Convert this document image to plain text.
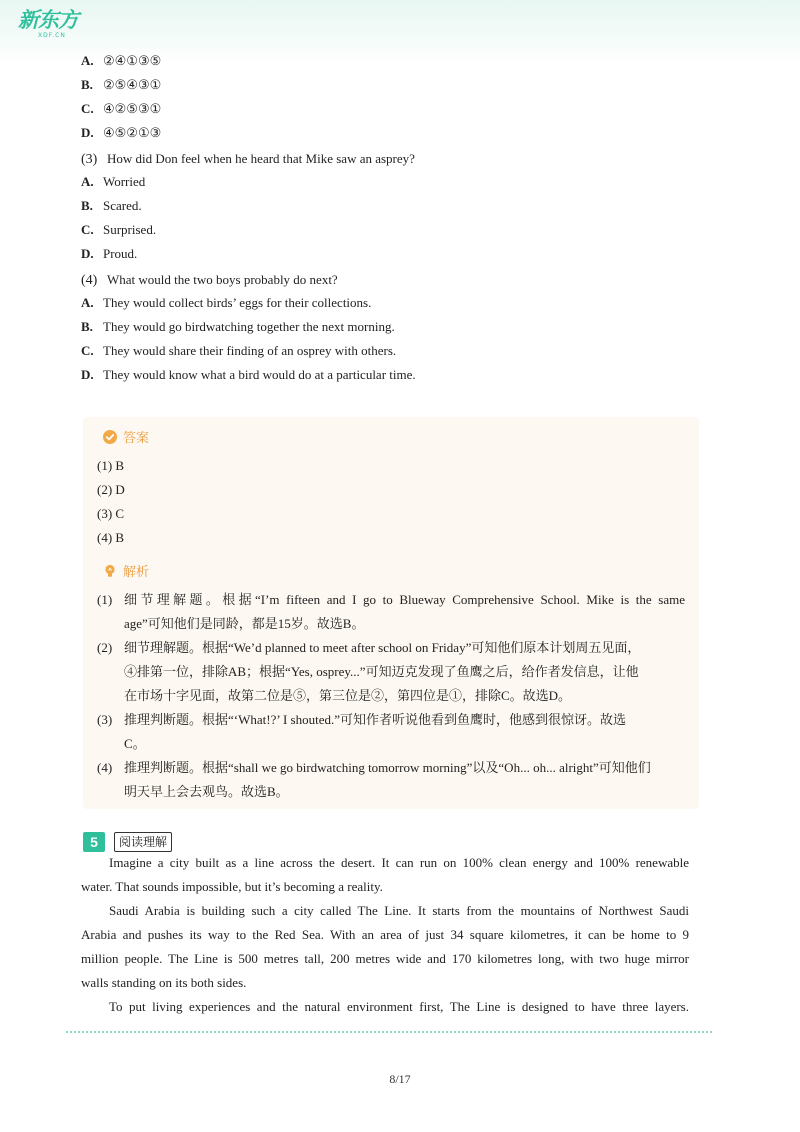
新东方
XDF.CN
A. ②④①③⑤
B. ②⑤④③①
C. ④②⑤③①
D. ④⑤②①③
(3) How did Don feel when he heard that Mike saw an asprey?
A. Worried
B. Scared.
C. Surprised.
D. Proud.
(4) What would the two boys probably do next?
A. They would collect birds’ eggs for their collections.
B. They would go birdwatching together the next morning.
C. They would share their finding of an osprey with others.
D. They would know what a bird would do at a particular time.
答案
(1) B
(2) D
(3) C
(4) B
解析
(1) 细节理解题。根据“I’m fifteen and I go to Blueway Comprehensive School. Mike is the same
age”可知他们是同龄，都是15岁。故选B。
(2) 细节理解题。根据“We’d planned to meet after school on Friday”可知他们原本计划周五见面，
④排第一位，排除AB；根据“Yes, osprey...”可知迈克发现了鱼鹰之后，给作者发信息，让他
在市场十字见面，故第二位是⑤，第三位是②，第四位是①，排除C。故选D。
(3) 推理判断题。根据“‘What!?’ I shouted.”可知作者听说他看到鱼鹰时，他感到很惊讶。故选
C。
(4) 推理判断题。根据“shall we go birdwatching tomorrow morning”以及“Oh... oh... alright”可知他们
明天早上会去观鸟。故选B。
5	阅读理解
Imagine a city built as a line across the desert. It can run on 100% clean energy and 100% renewable
water. That sounds impossible, but it’s becoming a reality.
Saudi Arabia is building such a city called The Line. It starts from the mountains of Northwest Saudi
Arabia and pushes its way to the Red Sea. With an area of just 34 square kilometres, it can be home to 9
million people. The Line is 500 metres tall, 200 metres wide and 170 kilometres long, with two huge mirror
walls standing on its both sides.
To put living experiences and the natural environment first, The Line is designed to have three layers.
8/17
